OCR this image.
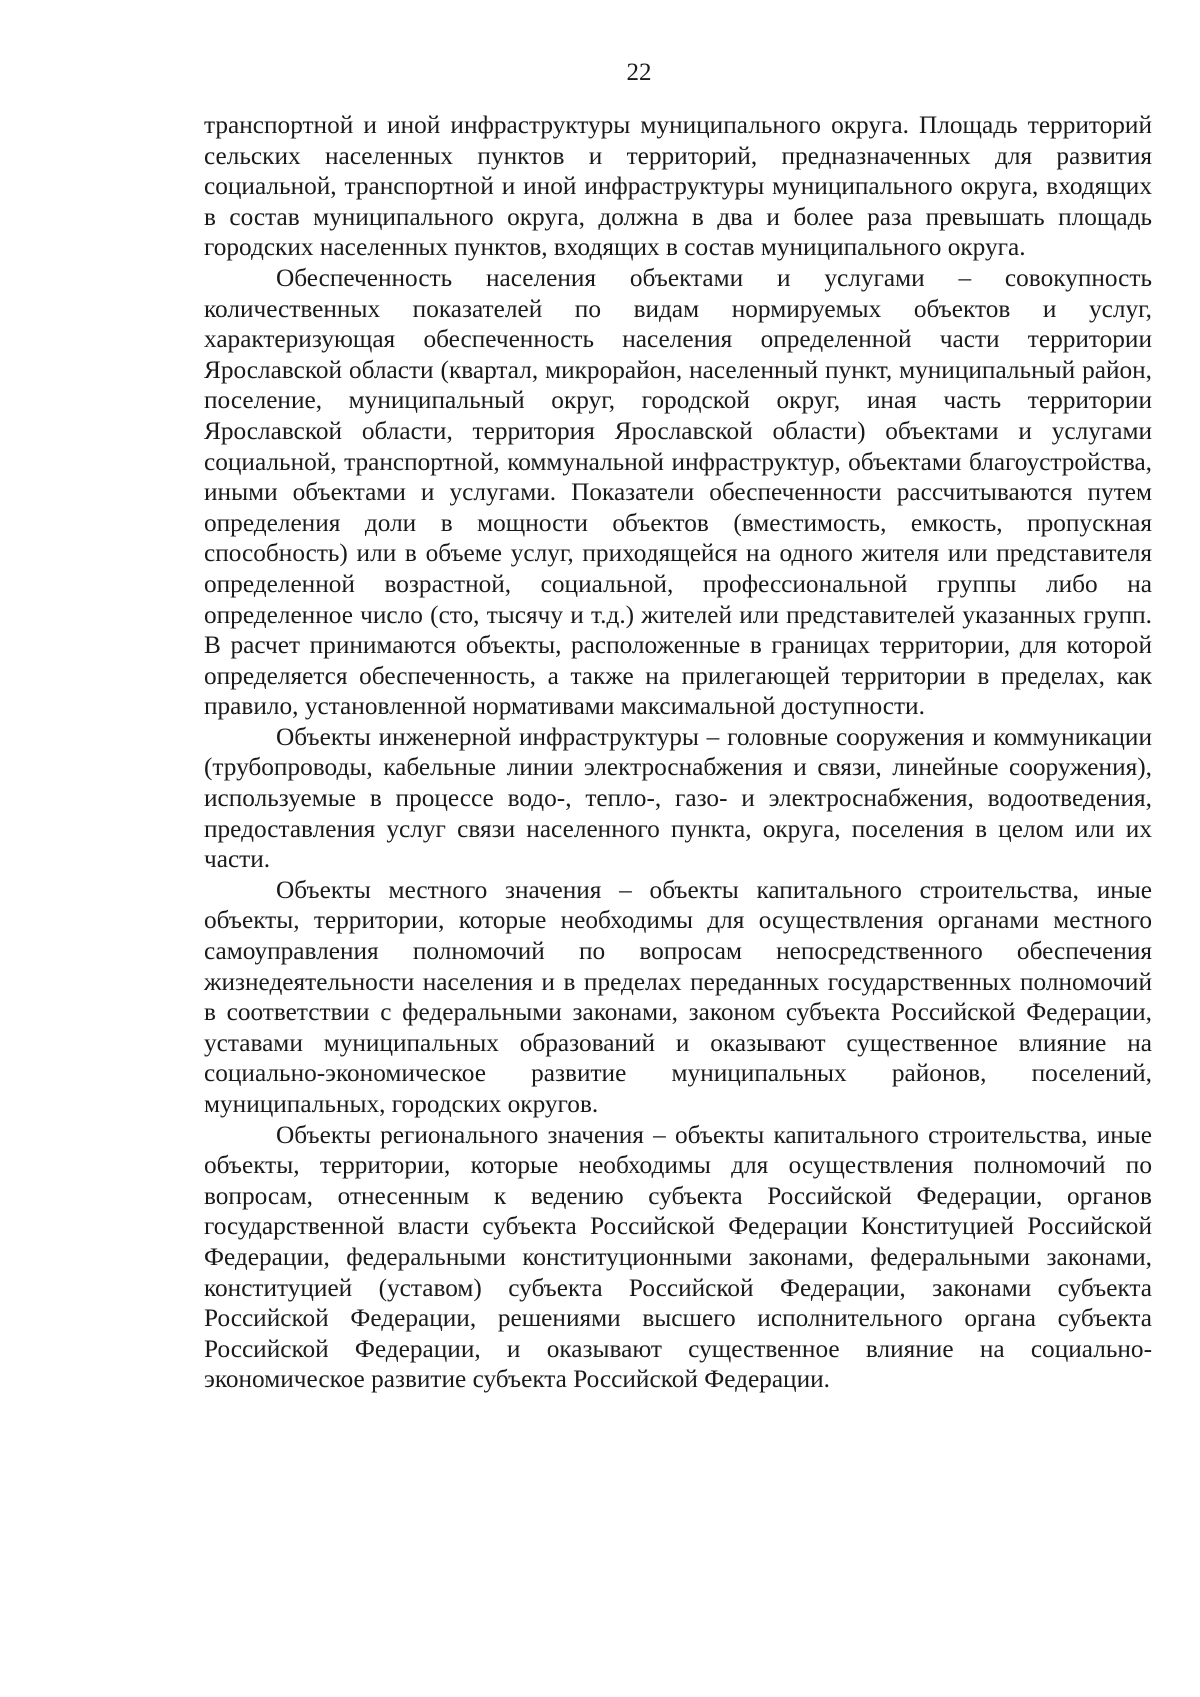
22

транспортной и иной инфраструктуры муниципального округа. Площадь территорий сельских населенных пунктов и территорий, предназначенных для развития социальной, транспортной и иной инфраструктуры муниципального округа, входящих в состав муниципального округа, должна в два и более раза превышать площадь городских населенных пунктов, входящих в состав муниципального округа.

Обеспеченность населения объектами и услугами – совокупность количественных показателей по видам нормируемых объектов и услуг, характеризующая обеспеченность населения определенной части территории Ярославской области (квартал, микрорайон, населенный пункт, муниципальный район, поселение, муниципальный округ, городской округ, иная часть территории Ярославской области, территория Ярославской области) объектами и услугами социальной, транспортной, коммунальной инфраструктур, объектами благоустройства, иными объектами и услугами. Показатели обеспеченности рассчитываются путем определения доли в мощности объектов (вместимость, емкость, пропускная способность) или в объеме услуг, приходящейся на одного жителя или представителя определенной возрастной, социальной, профессиональной группы либо на определенное число (сто, тысячу и т.д.) жителей или представителей указанных групп. В расчет принимаются объекты, расположенные в границах территории, для которой определяется обеспеченность, а также на прилегающей территории в пределах, как правило, установленной нормативами максимальной доступности.

Объекты инженерной инфраструктуры – головные сооружения и коммуникации (трубопроводы, кабельные линии электроснабжения и связи, линейные сооружения), используемые в процессе водо-, тепло-, газо- и электроснабжения, водоотведения, предоставления услуг связи населенного пункта, округа, поселения в целом или их части.

Объекты местного значения – объекты капитального строительства, иные объекты, территории, которые необходимы для осуществления органами местного самоуправления полномочий по вопросам непосредственного обеспечения жизнедеятельности населения и в пределах переданных государственных полномочий в соответствии с федеральными законами, законом субъекта Российской Федерации, уставами муниципальных образований и оказывают существенное влияние на социально-экономическое развитие муниципальных районов, поселений, муниципальных, городских округов.

Объекты регионального значения – объекты капитального строительства, иные объекты, территории, которые необходимы для осуществления полномочий по вопросам, отнесенным к ведению субъекта Российской Федерации, органов государственной власти субъекта Российской Федерации Конституцией Российской Федерации, федеральными конституционными законами, федеральными законами, конституцией (уставом) субъекта Российской Федерации, законами субъекта Российской Федерации, решениями высшего исполнительного органа субъекта Российской Федерации, и оказывают существенное влияние на социально-экономическое развитие субъекта Российской Федерации.
